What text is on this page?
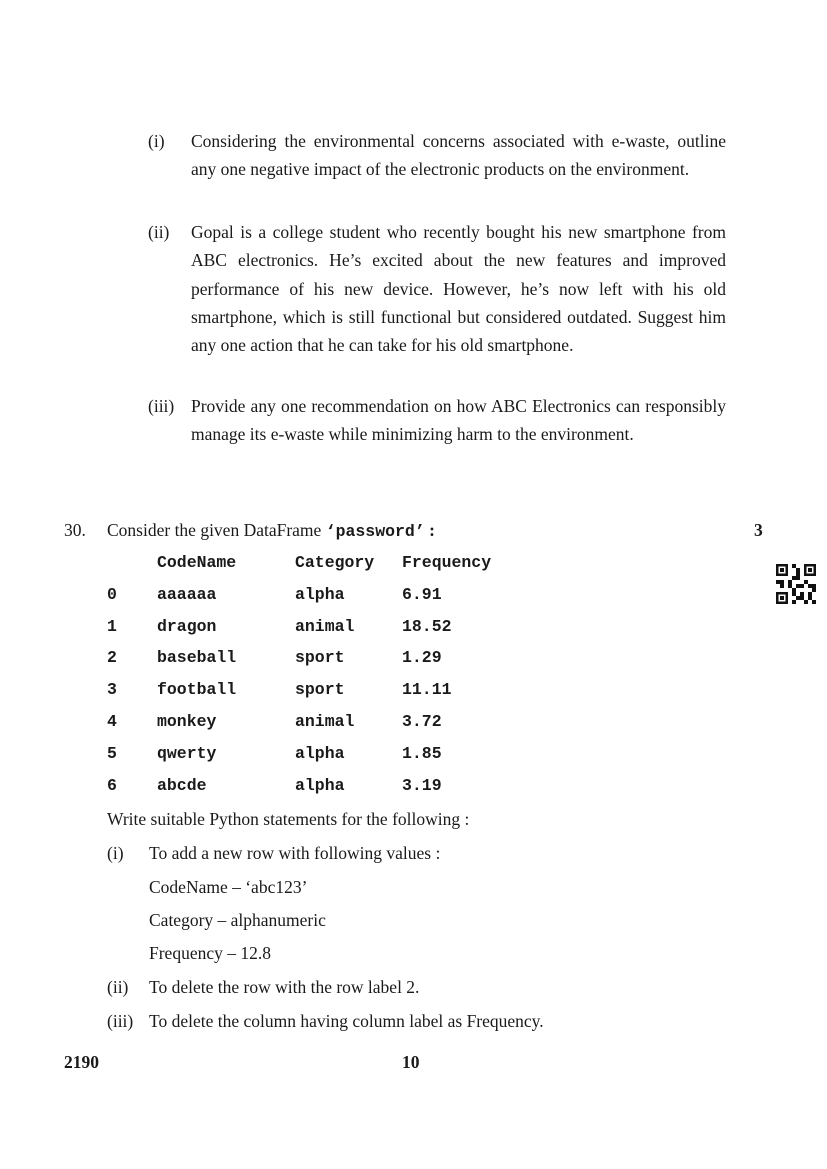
(i) Considering the environmental concerns associated with e-waste, outline any one negative impact of the electronic products on the environment.
(ii) Gopal is a college student who recently bought his new smartphone from ABC electronics. He’s excited about the new features and improved performance of his new device. However, he’s now left with his old smartphone, which is still functional but considered outdated. Suggest him any one action that he can take for his old smartphone.
(iii) Provide any one recommendation on how ABC Electronics can responsibly manage its e-waste while minimizing harm to the environment.
30. Consider the given DataFrame ‘password’ :	3
CodeName	Category Frequency
0 aaaaaa	alpha	6.91
1 dragon	animal	18.52
2 baseball	sport	1.29
3 football	sport	11.11
4 monkey	animal	3.72
5 qwerty	alpha	1.85
6 abcde	alpha	3.19
Write suitable Python statements for the following :
(i) To add a new row with following values :
CodeName – ‘abc123’
Category – alphanumeric
Frequency – 12.8
(ii) To delete the row with the row label 2.
(iii) To delete the column having column label as Frequency.
2190	10
